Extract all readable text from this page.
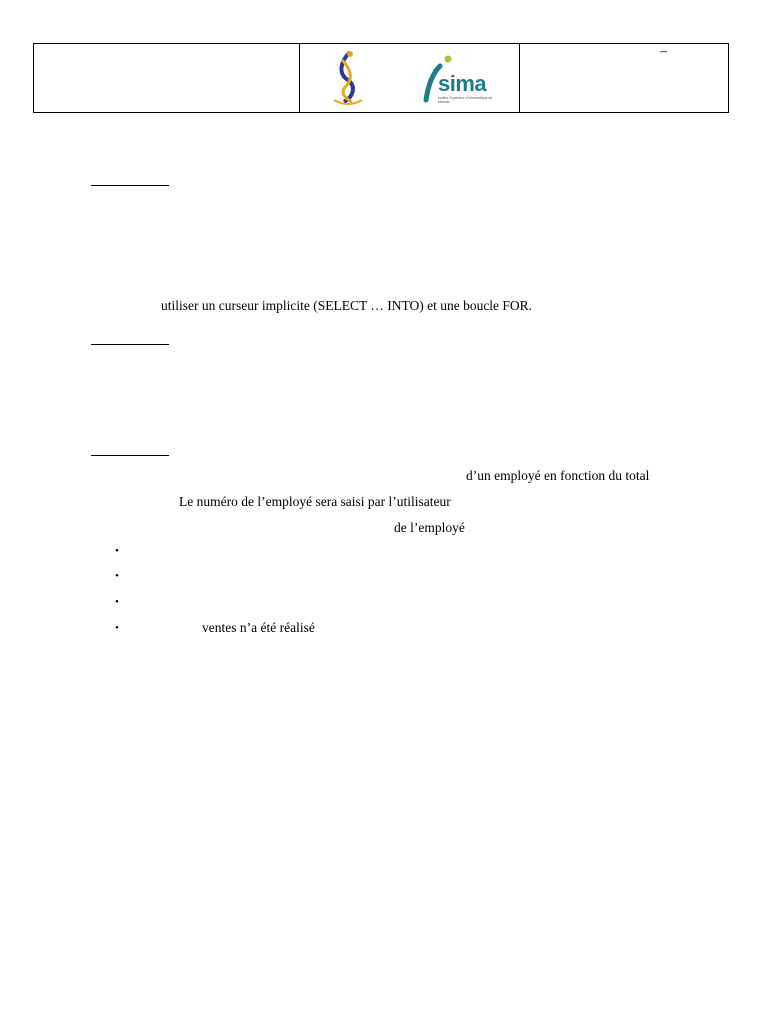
sima
Institut Supérieur d'Informatique de Mahdia
–
utiliser un curseur implicite (SELECT … INTO) et une boucle FOR.
d’un employé en fonction du total
Le numéro de l’employé sera saisi par l’utilisateur
de l’employé
•
•
•
•	ventes n’a été réalisé
